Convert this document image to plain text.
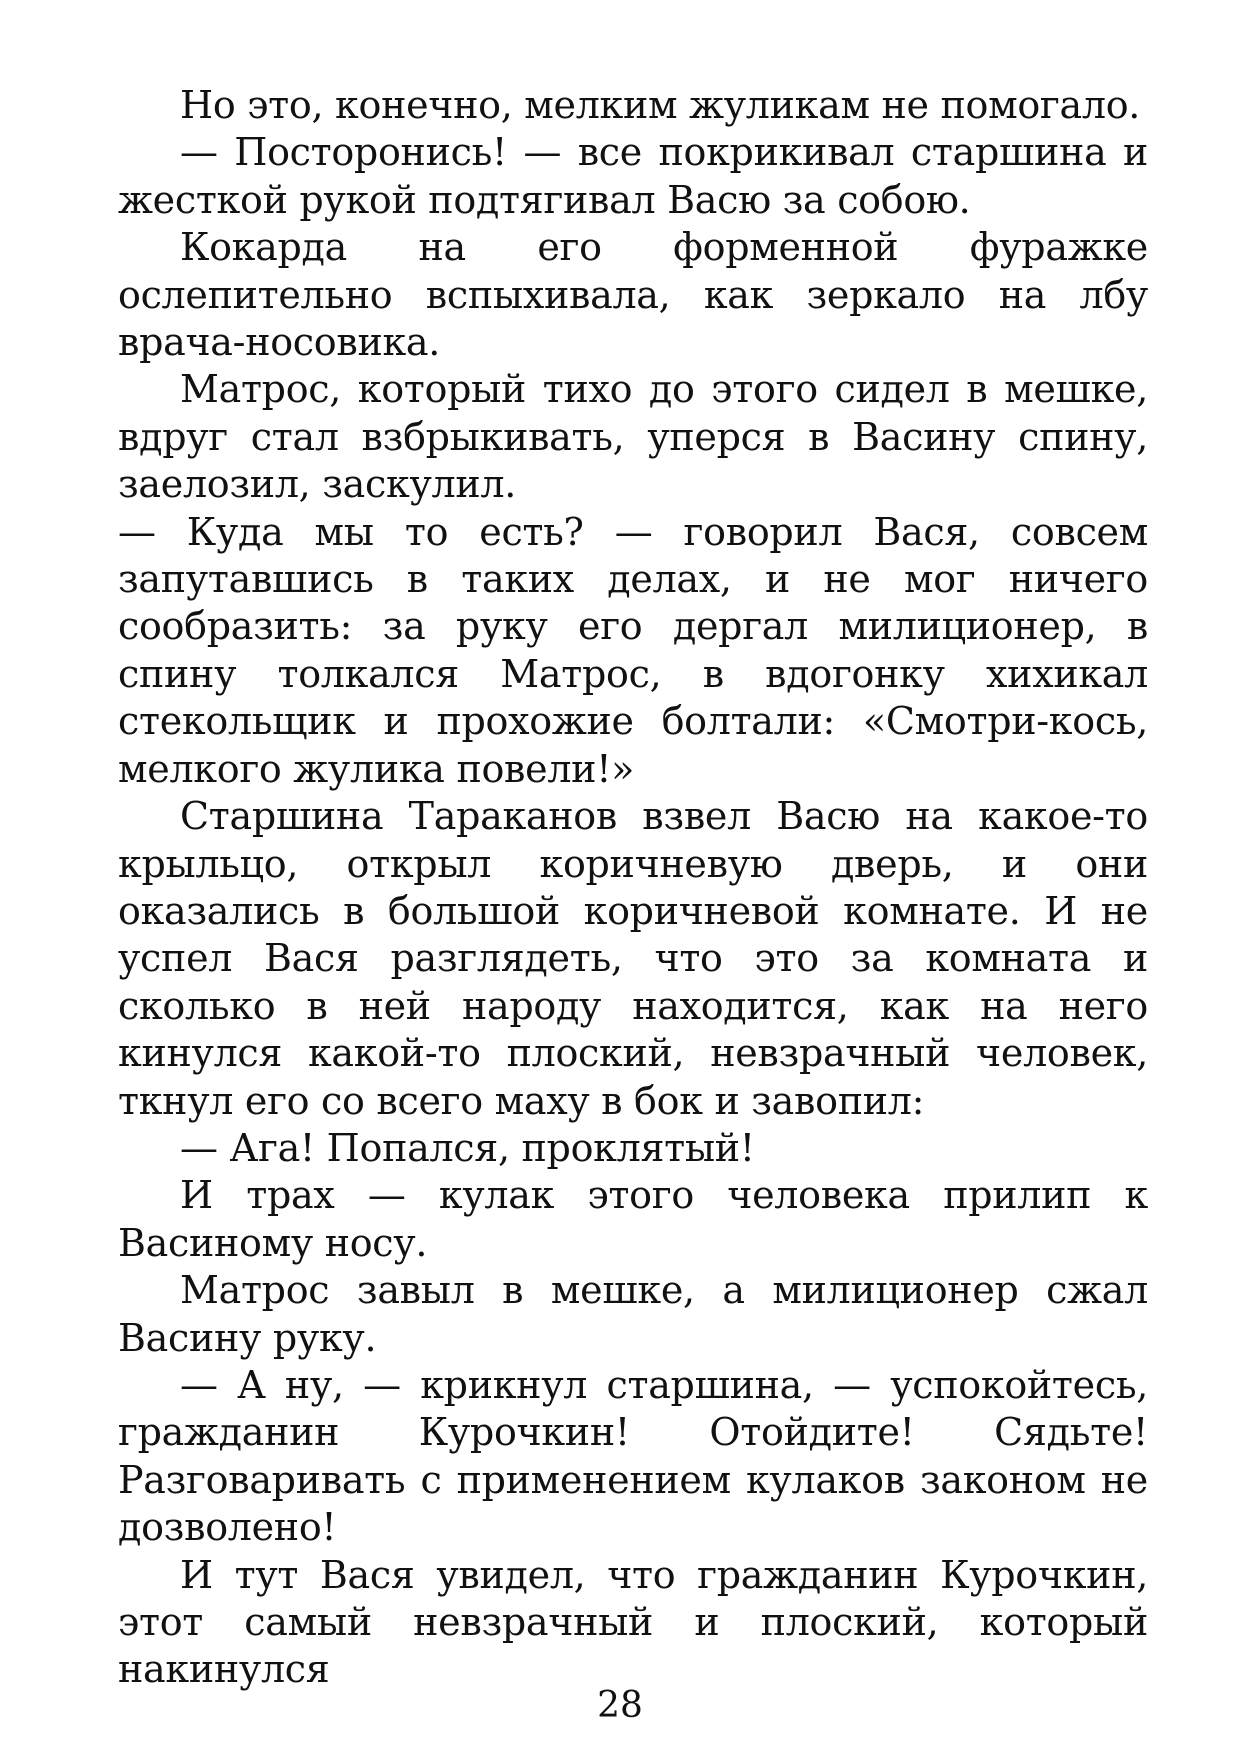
Но это, конечно, мелким жуликам не помогало.

— Посторонись! — все покрикивал старшина и жесткой рукой подтягивал Васю за собою.

Кокарда на его форменной фуражке ослепительно вспыхивала, как зеркало на лбу врача-носовика.

Матрос, который тихо до этого сидел в мешке, вдруг стал взбрыкивать, уперся в Васину спину, заелозил, заскулил.

— Куда мы то есть? — говорил Вася, совсем запутавшись в таких делах, и не мог ничего сообразить: за руку его дергал милиционер, в спину толкался Матрос, в вдогонку хихикал стекольщик и прохожие болтали: «Смотри-кось, мелкого жулика повели!»

Старшина Тараканов взвел Васю на какое-то крыльцо, открыл коричневую дверь, и они оказались в большой коричневой комнате. И не успел Вася разглядеть, что это за комната и сколько в ней народу находится, как на него кинулся какой-то плоский, невзрачный человек, ткнул его со всего маху в бок и завопил:

— Ага! Попался, проклятый!

И трах — кулак этого человека прилип к Васиному носу.

Матрос завыл в мешке, а милиционер сжал Васину руку.

— А ну, — крикнул старшина, — успокойтесь, гражданин Курочкин! Отойдите! Сядьте! Разговаривать с применением кулаков законом не дозволено!

И тут Вася увидел, что гражданин Курочкин, этот самый невзрачный и плоский, который накинулся

28
